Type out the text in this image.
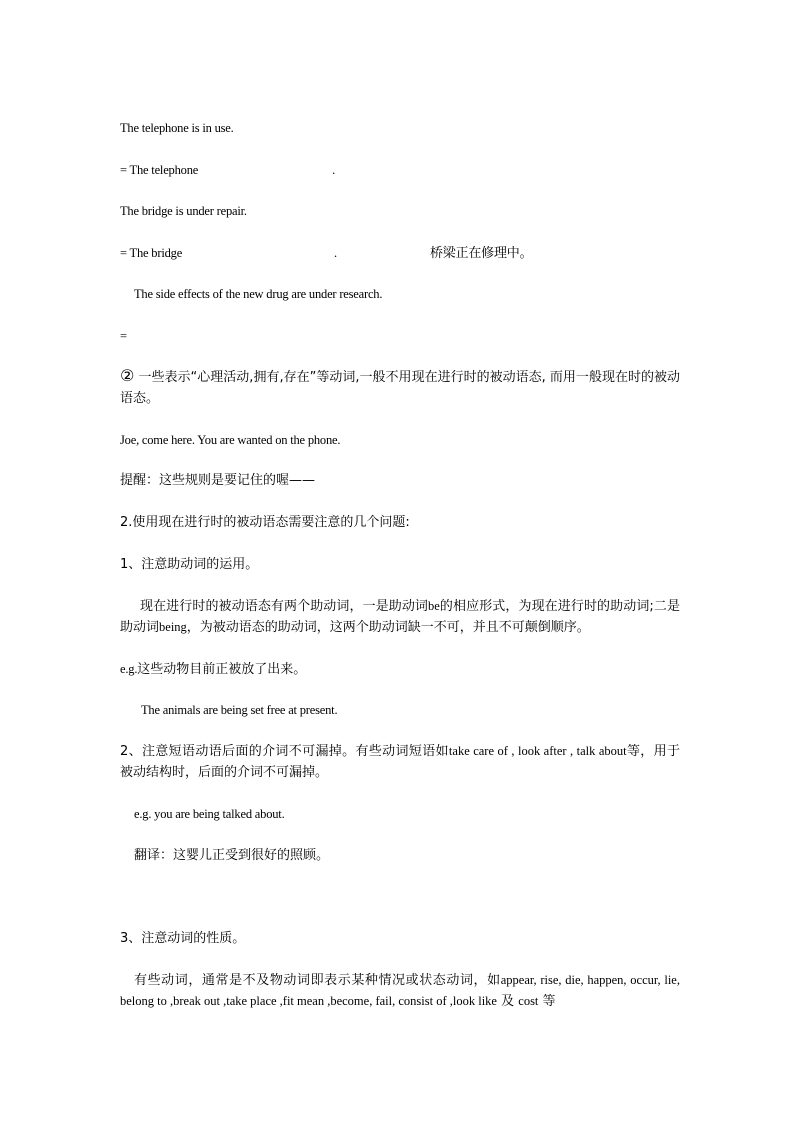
The telephone is in use.
= The telephone	.
The bridge is under repair.
= The bridge	.	桥梁正在修理中。
The side effects of the new drug are under research.
=
② 一些表示“心理活动,拥有,存在”等动词,一般不用现在进行时的被动语态, 而用一般现在时的被动语态。
Joe, come here. You are wanted on the phone.
提醒：这些规则是要记住的喔——
2.使用现在进行时的被动语态需要注意的几个问题:
1、注意助动词的运用。
现在进行时的被动语态有两个助动词，一是助动词be的相应形式，为现在进行时的助动词;二是助动词being，为被动语态的助动词，这两个助动词缺一不可，并且不可颠倒顺序。
e.g.这些动物目前正被放了出来。
The animals are being set free at present.
2、注意短语动语后面的介词不可漏掉。有些动词短语如take care of , look after , talk about等，用于被动结构时，后面的介词不可漏掉。
e.g. you are being talked about.
翻译：这婴儿正受到很好的照顾。
3、注意动词的性质。
有些动词，通常是不及物动词即表示某种情况或状态动词，如appear, rise, die, happen, occur, lie, belong to ,break out ,take place ,fit mean ,become, fail, consist of ,look like 及 cost 等
